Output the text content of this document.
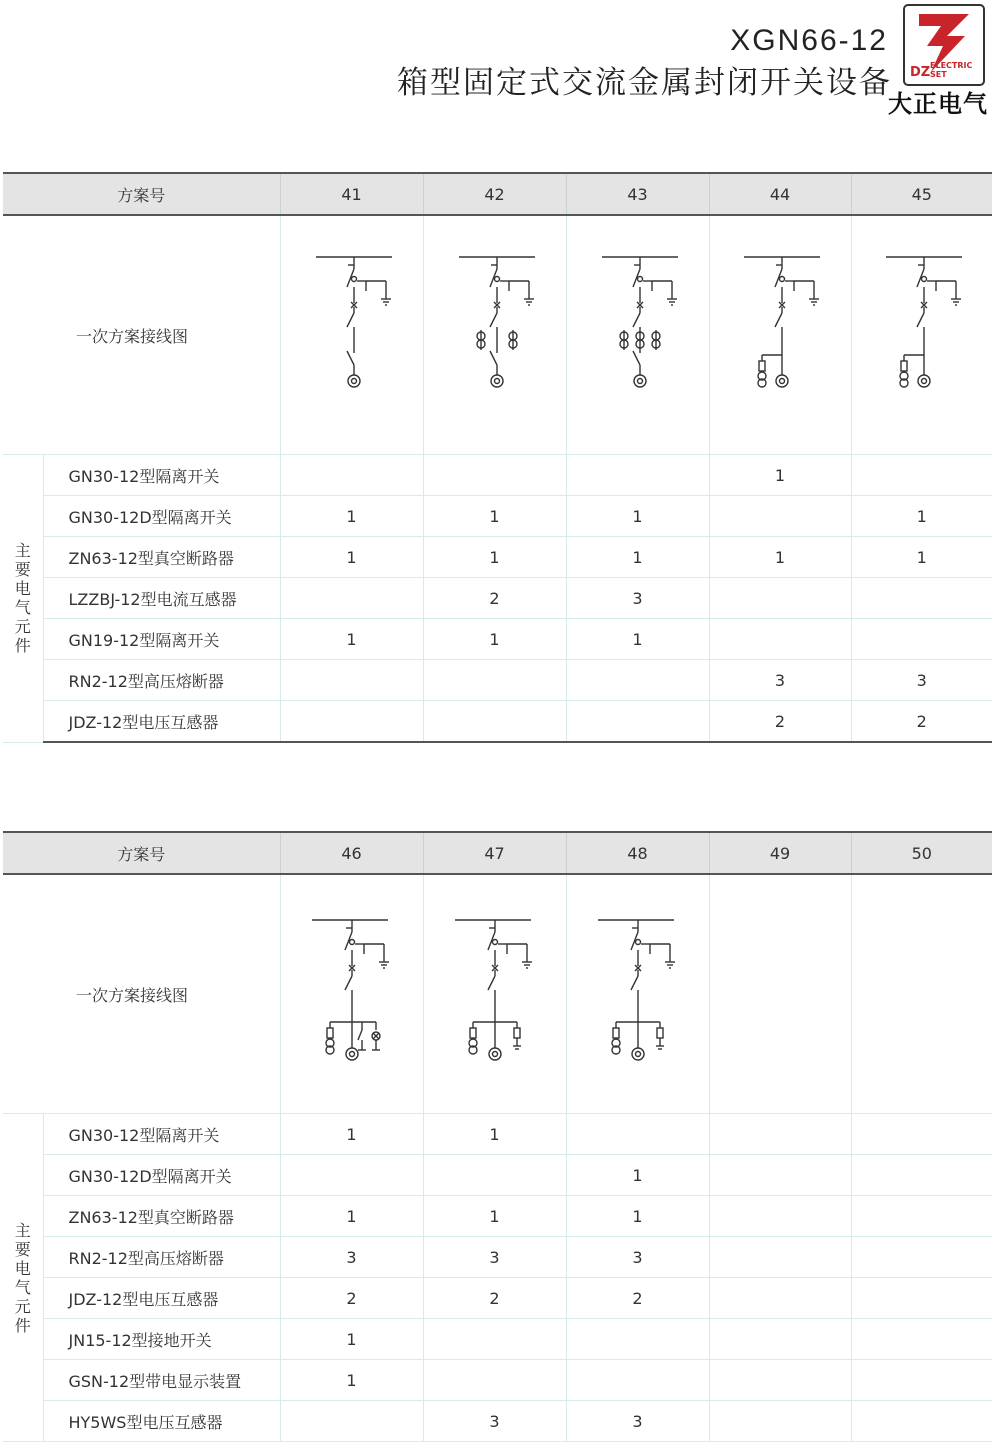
XGN66-12
箱型固定式交流金属封闭开关设备 DZ ELECTRIC SET
大正电气
方案号		41	42	43	44	45
一次方案接线图	

主要电气元件	GN30-12型隔离开关				1	
	GN30-12D型隔离开关	1	1	1		1
	ZN63-12型真空断路器	1	1	1	1	1
	LZZBJ-12型电流互感器		2	3		
	GN19-12型隔离开关	1	1	1		
	RN2-12型高压熔断器				3	3
	JDZ-12型电压互感器				2	2
方案号		46	47	48	49	50
一次方案接线图	

主要电气元件	GN30-12型隔离开关	1	1			
	GN30-12D型隔离开关			1		
	ZN63-12型真空断路器	1	1	1		
	RN2-12型高压熔断器	3	3	3		
	JDZ-12型电压互感器	2	2	2		
	JN15-12型接地开关	1				
	GSN-12型带电显示装置	1				
	HY5WS型电压互感器		3	3		
